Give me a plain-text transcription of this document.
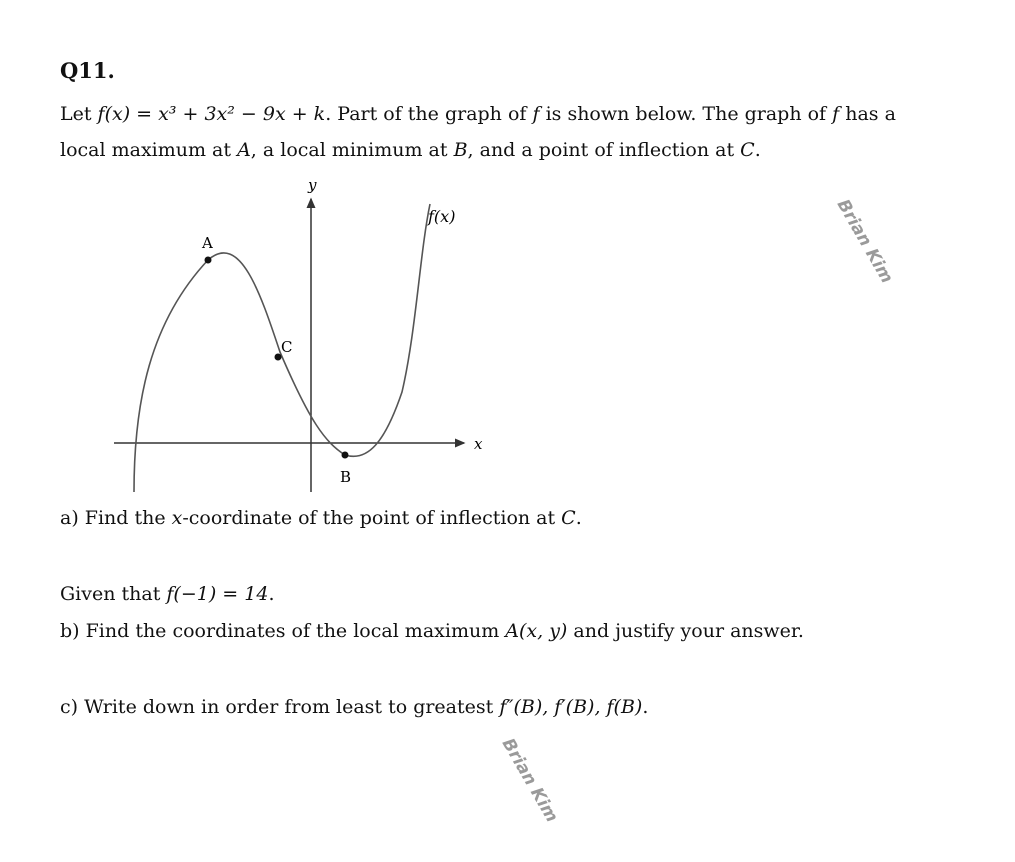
Q11.
Let f(x) = x³ + 3x² − 9x + k. Part of the graph of f is shown below. The graph of f has a local maximum at A, a local minimum at B, and a point of inflection at C.
y
x
f(x)
A
C
B
Brian Kim
a) Find the x-coordinate of the point of inflection at C.
Given that f(−1) = 14.
b) Find the coordinates of the local maximum A(x, y) and justify your answer.
c) Write down in order from least to greatest f″(B), f′(B), f(B).
Brian Kim
